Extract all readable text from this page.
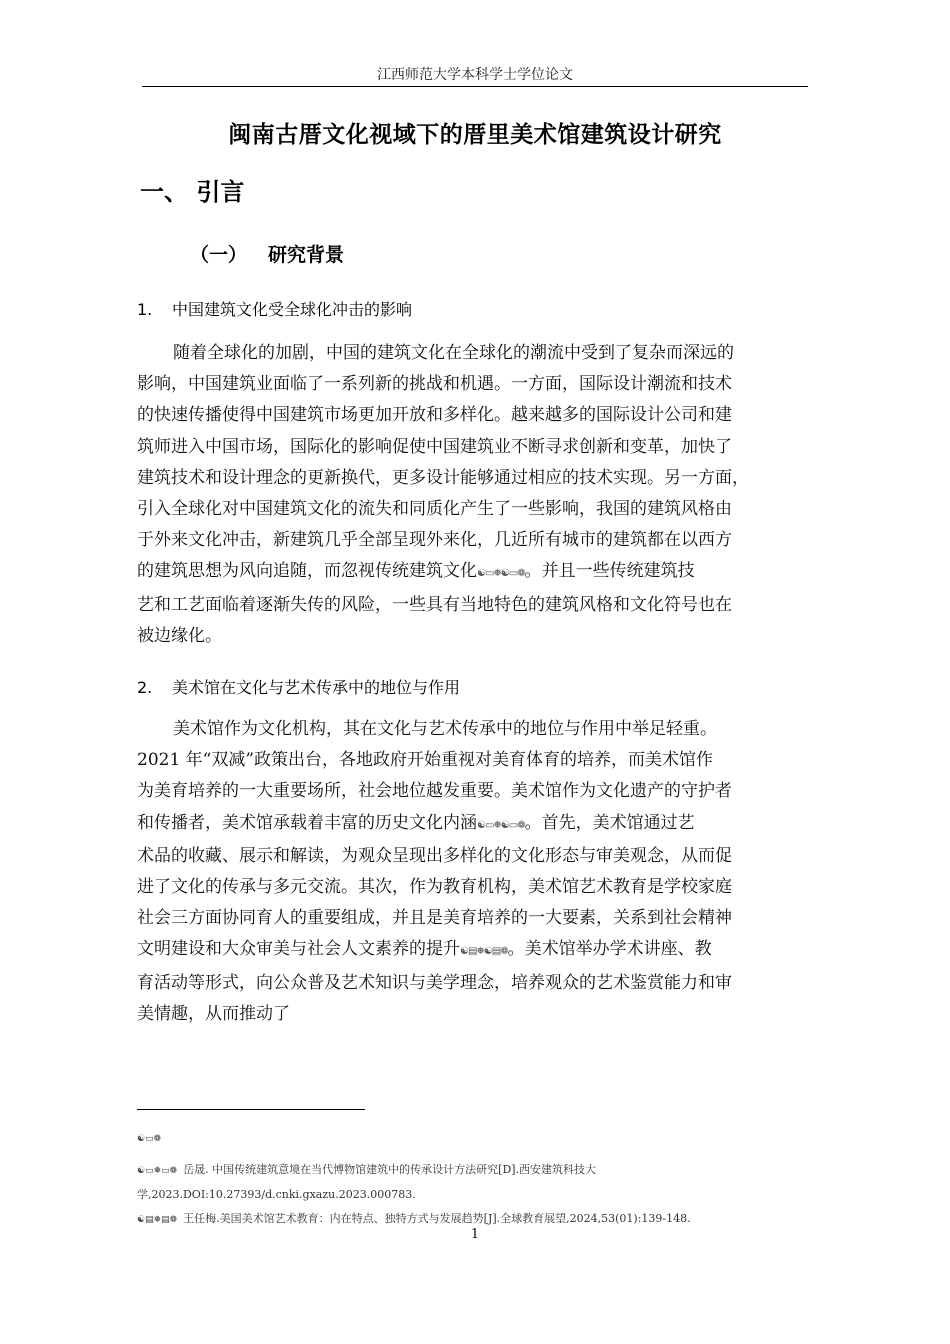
江西师范大学本科学士学位论文
闽南古厝文化视域下的厝里美术馆建筑设计研究
一、 引言
（一） 研究背景
1. 中国建筑文化受全球化冲击的影响
随着全球化的加剧，中国的建筑文化在全球化的潮流中受到了复杂而深远的
影响，中国建筑业面临了一系列新的挑战和机遇。一方面，国际设计潮流和技术
的快速传播使得中国建筑市场更加开放和多样化。越来越多的国际设计公司和建
筑师进入中国市场，国际化的影响促使中国建筑业不断寻求创新和变革，加快了
建筑技术和设计理念的更新换代，更多设计能够通过相应的技术实现。另一方面，
引入全球化对中国建筑文化的流失和同质化产生了一些影响，我国的建筑风格由
于外来文化冲击，新建筑几乎全部呈现外来化，几近所有城市的建筑都在以西方
的建筑思想为风向追随，而忽视传统建筑文化☯▭❅☯▭❁。并且一些传统建筑技
艺和工艺面临着逐渐失传的风险，一些具有当地特色的建筑风格和文化符号也在
被边缘化。
2. 美术馆在文化与艺术传承中的地位与作用
美术馆作为文化机构，其在文化与艺术传承中的地位与作用中举足轻重。
2021 年“双减”政策出台，各地政府开始重视对美育体育的培养，而美术馆作
为美育培养的一大重要场所，社会地位越发重要。美术馆作为文化遗产的守护者
和传播者，美术馆承载着丰富的历史文化内涵☯▭❅☯▭❁。首先，美术馆通过艺
术品的收藏、展示和解读，为观众呈现出多样化的文化形态与审美观念，从而促
进了文化的传承与多元交流。其次，作为教育机构，美术馆艺术教育是学校家庭
社会三方面协同育人的重要组成，并且是美育培养的一大要素，关系到社会精神
文明建设和大众审美与社会人文素养的提升☯▤❅☯▤❁。美术馆举办学术讲座、教
育活动等形式，向公众普及艺术知识与美学理念，培养观众的艺术鉴赏能力和审
美情趣，从而推动了
☯▭❁
☯▭❅▭❁ 岳晟. 中国传统建筑意境在当代博物馆建筑中的传承设计方法研究[D].西安建筑科技大
学,2023.DOI:10.27393/d.cnki.gxazu.2023.000783.
☯▤❅▤❁ 王任梅.美国美术馆艺术教育：内在特点、独特方式与发展趋势[J].全球教育展望,2024,53(01):139-148.
1
